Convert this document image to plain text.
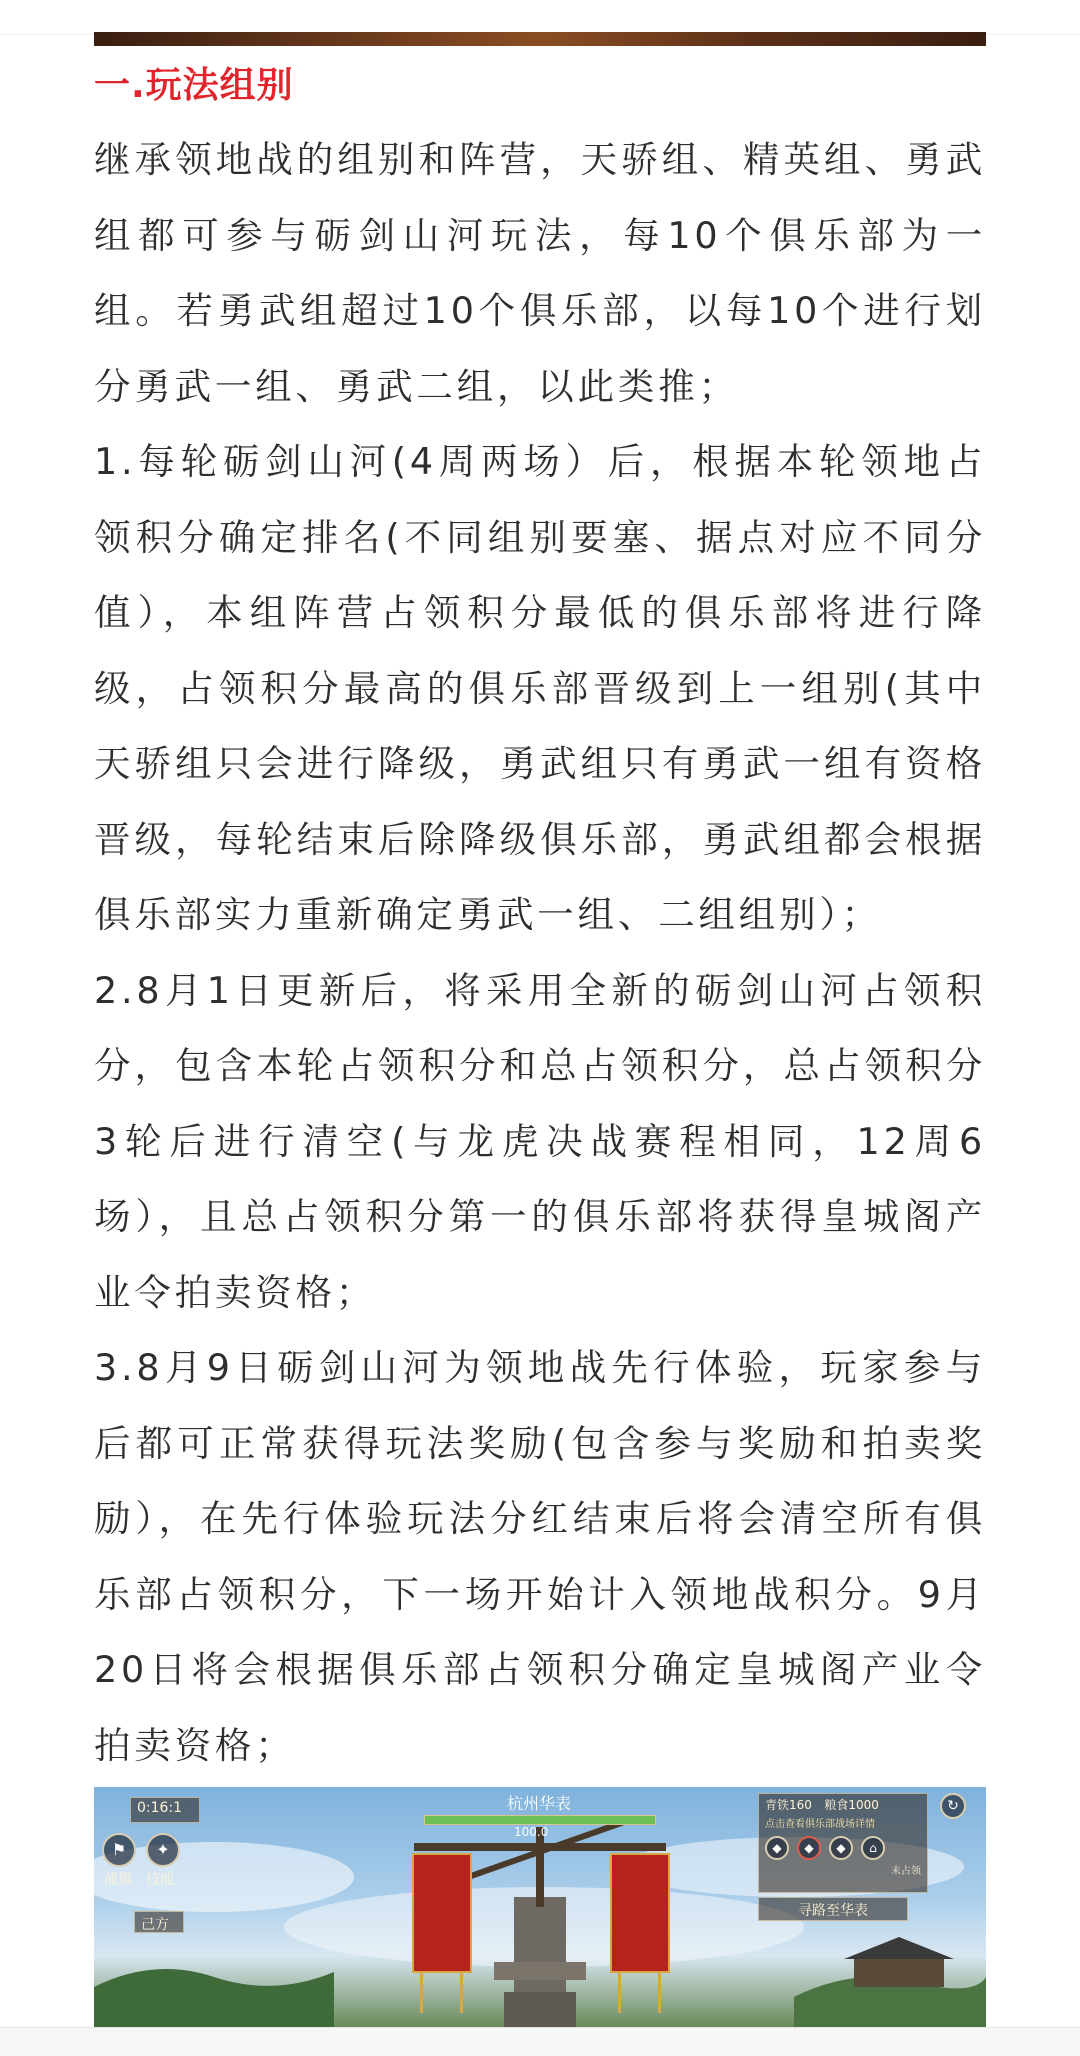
一.玩法组别

继承领地战的组别和阵营，天骄组、精英组、勇武组都可参与砺剑山河玩法，每10个俱乐部为一组。若勇武组超过10个俱乐部，以每10个进行划分勇武一组、勇武二组，以此类推；

1.每轮砺剑山河(4周两场）后，根据本轮领地占领积分确定排名(不同组别要塞、据点对应不同分值），本组阵营占领积分最低的俱乐部将进行降级，占领积分最高的俱乐部晋级到上一组别(其中天骄组只会进行降级，勇武组只有勇武一组有资格晋级，每轮结束后除降级俱乐部，勇武组都会根据俱乐部实力重新确定勇武一组、二组组别）；

2.8月1日更新后，将采用全新的砺剑山河占领积分，包含本轮占领积分和总占领积分，总占领积分3轮后进行清空(与龙虎决战赛程相同，12周6场），且总占领积分第一的俱乐部将获得皇城阁产业令拍卖资格；

3.8月9日砺剑山河为领地战先行体验，玩家参与后都可正常获得玩法奖励(包含参与奖励和拍卖奖励），在先行体验玩法分红结束后将会清空所有俱乐部占领积分，下一场开始计入领地战积分。9月20日将会根据俱乐部占领积分确定皇城阁产业令拍卖资格；

0:16:1
⚑	✦
战旗 技能
己方
杭州华表
100.0
青铁160 粮食1000
点击查看俱乐部战场详情
◆	◆	◆	⌂
未占领
寻路至华表
↻
